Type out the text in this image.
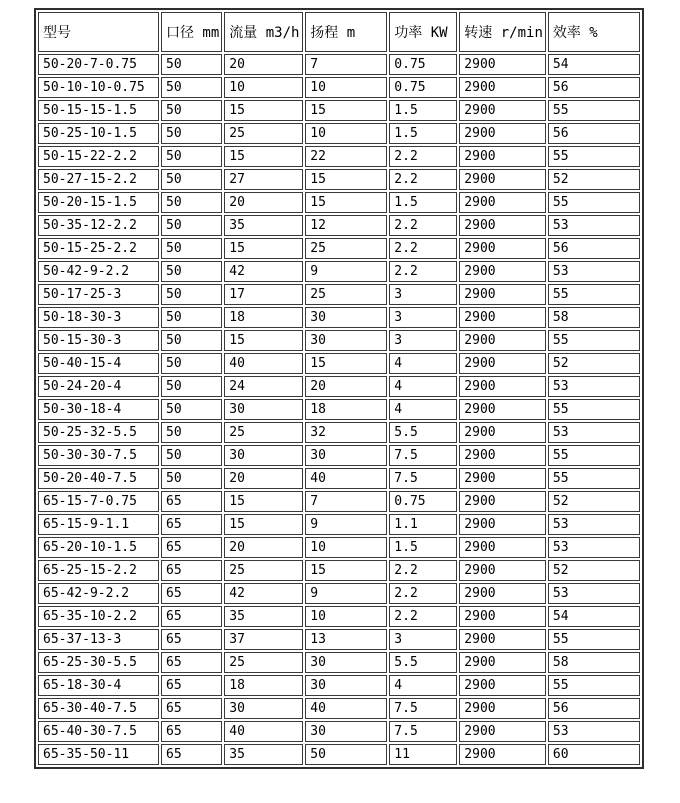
型号	口径 mm	流量 m3/h	扬程 m	功率 KW	转速 r/min	效率 %
50-20-7-0.75	50	20	7	0.75	2900	54
50-10-10-0.75	50	10	10	0.75	2900	56
50-15-15-1.5	50	15	15	1.5	2900	55
50-25-10-1.5	50	25	10	1.5	2900	56
50-15-22-2.2	50	15	22	2.2	2900	55
50-27-15-2.2	50	27	15	2.2	2900	52
50-20-15-1.5	50	20	15	1.5	2900	55
50-35-12-2.2	50	35	12	2.2	2900	53
50-15-25-2.2	50	15	25	2.2	2900	56
50-42-9-2.2	50	42	9	2.2	2900	53
50-17-25-3	50	17	25	3	2900	55
50-18-30-3	50	18	30	3	2900	58
50-15-30-3	50	15	30	3	2900	55
50-40-15-4	50	40	15	4	2900	52
50-24-20-4	50	24	20	4	2900	53
50-30-18-4	50	30	18	4	2900	55
50-25-32-5.5	50	25	32	5.5	2900	53
50-30-30-7.5	50	30	30	7.5	2900	55
50-20-40-7.5	50	20	40	7.5	2900	55
65-15-7-0.75	65	15	7	0.75	2900	52
65-15-9-1.1	65	15	9	1.1	2900	53
65-20-10-1.5	65	20	10	1.5	2900	53
65-25-15-2.2	65	25	15	2.2	2900	52
65-42-9-2.2	65	42	9	2.2	2900	53
65-35-10-2.2	65	35	10	2.2	2900	54
65-37-13-3	65	37	13	3	2900	55
65-25-30-5.5	65	25	30	5.5	2900	58
65-18-30-4	65	18	30	4	2900	55
65-30-40-7.5	65	30	40	7.5	2900	56
65-40-30-7.5	65	40	30	7.5	2900	53
65-35-50-11	65	35	50	11	2900	60
